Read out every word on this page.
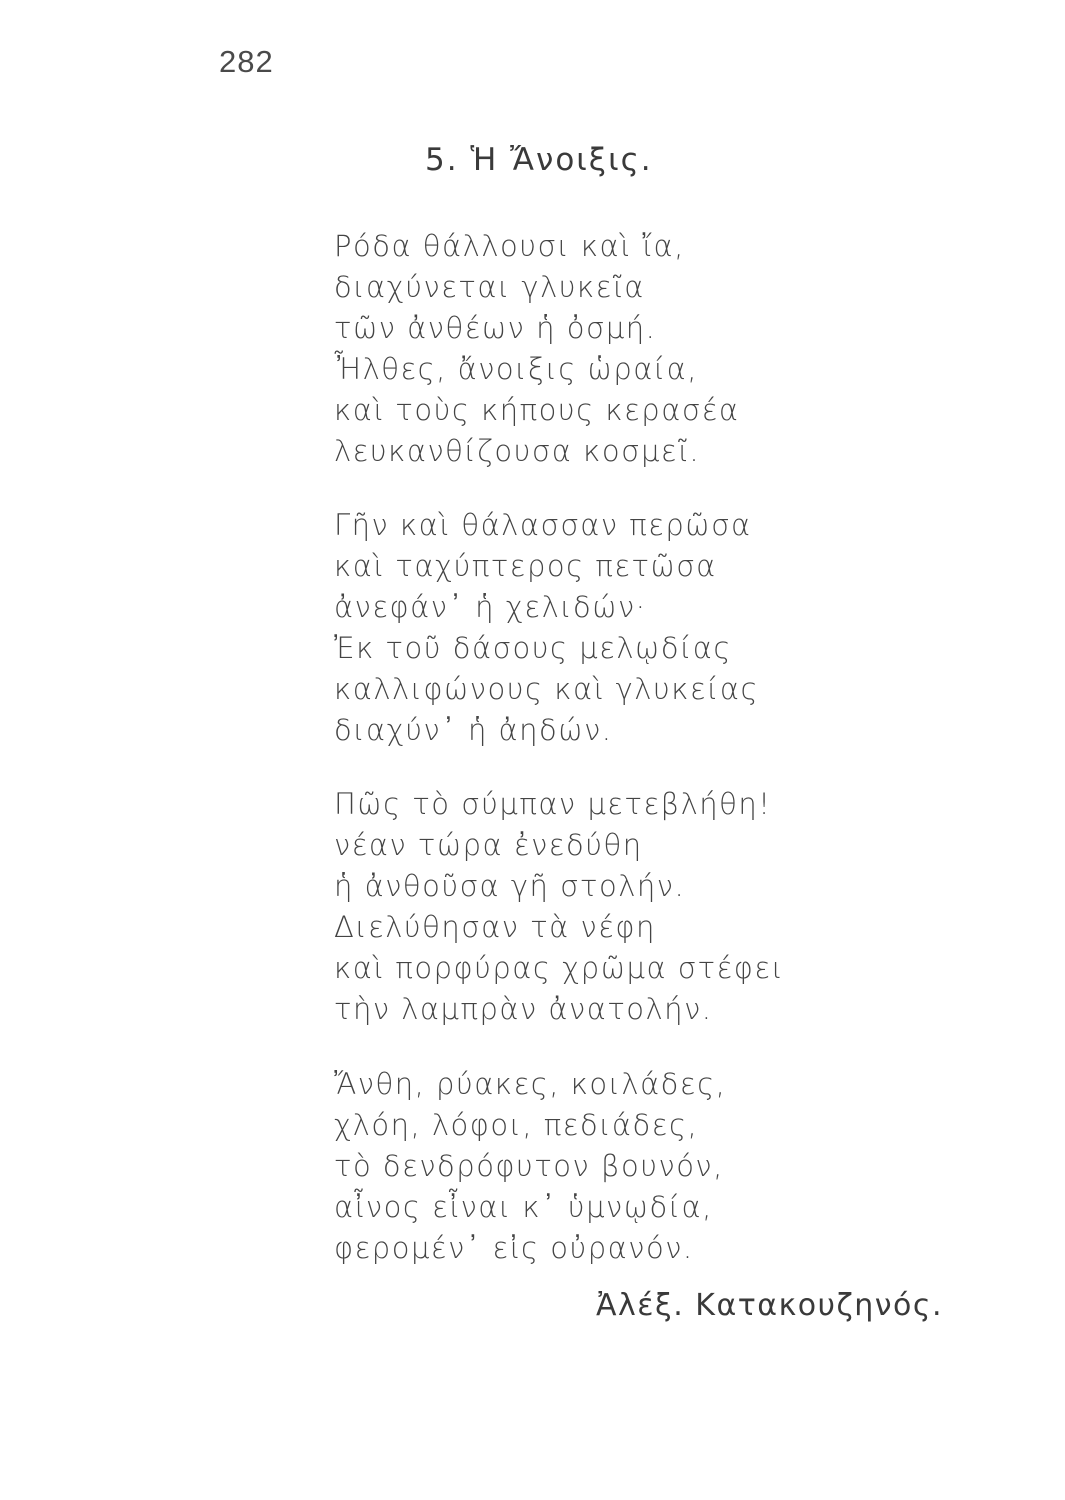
282
5. Ἡ Ἄνοιξις.
Ρόδα θάλλουσι καὶ ἴα,
διαχύνεται γλυκεῖα
τῶν ἀνθέων ἡ ὀσμή.
Ἦλθες, ἄνοιξις ὡραία,
καὶ τοὺς κήπους κερασέα
λευκανθίζουσα κοσμεῖ.
Γῆν καὶ θάλασσαν περῶσα
καὶ ταχύπτερος πετῶσα
ἀνεφάν᾽ ἡ χελιδών·
Ἐκ τοῦ δάσους μελῳδίας
καλλιφώνους καὶ γλυκείας
διαχύν᾽ ἡ ἀηδών.
Πῶς τὸ σύμπαν μετεβλήθη!
νέαν τώρα ἐνεδύθη
ἡ ἀνθοῦσα γῆ στολήν.
Διελύθησαν τὰ νέφη
καὶ πορφύρας χρῶμα στέφει
τὴν λαμπρὰν ἀνατολήν.
Ἄνθη, ρύακες, κοιλάδες,
χλόη, λόφοι, πεδιάδες,
τὸ δενδρόφυτον βουνόν,
αἶνος εἶναι κ᾽ ὑμνῳδία,
φερομέν᾽ εἰς οὐρανόν.
Ἀλέξ. Κατακουζηνός.
